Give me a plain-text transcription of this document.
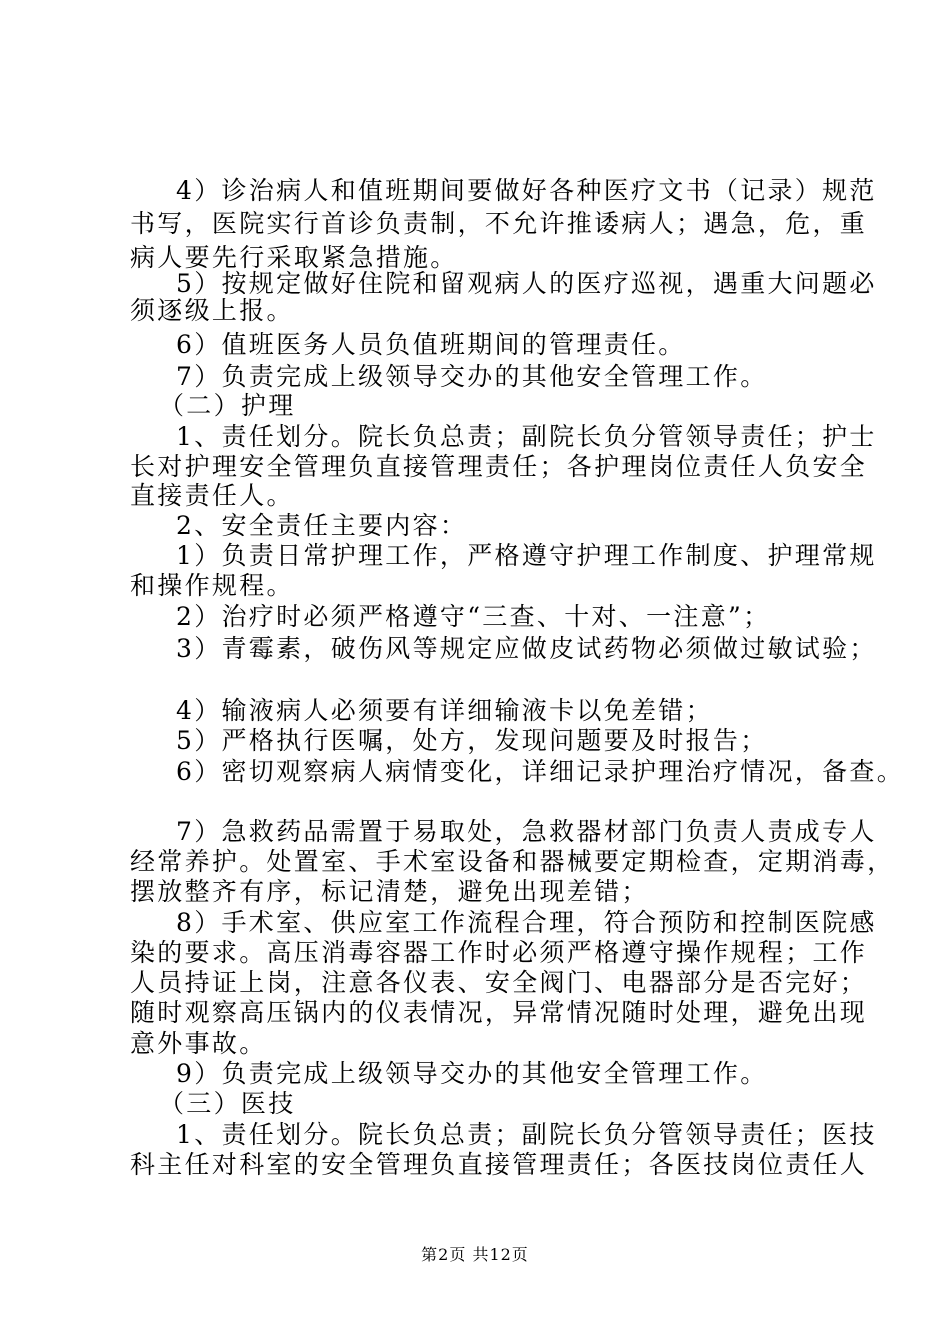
4）诊治病人和值班期间要做好各种医疗文书（记录）规范
书写，医院实行首诊负责制，不允许推诿病人；遇急，危，重
病人要先行采取紧急措施。
5）按规定做好住院和留观病人的医疗巡视，遇重大问题必
须逐级上报。
6）值班医务人员负值班期间的管理责任。
7）负责完成上级领导交办的其他安全管理工作。
（二）护理
1、责任划分。院长负总责；副院长负分管领导责任；护士
长对护理安全管理负直接管理责任；各护理岗位责任人负安全
直接责任人。
2、安全责任主要内容：
1）负责日常护理工作，严格遵守护理工作制度、护理常规
和操作规程。
2）治疗时必须严格遵守“三查、十对、一注意”；
3）青霉素，破伤风等规定应做皮试药物必须做过敏试验；
4）输液病人必须要有详细输液卡以免差错；
5）严格执行医嘱，处方，发现问题要及时报告；
6）密切观察病人病情变化，详细记录护理治疗情况，备查。
7）急救药品需置于易取处，急救器材部门负责人责成专人
经常养护。处置室、手术室设备和器械要定期检查，定期消毒，
摆放整齐有序，标记清楚，避免出现差错；
8）手术室、供应室工作流程合理，符合预防和控制医院感
染的要求。高压消毒容器工作时必须严格遵守操作规程；工作
人员持证上岗，注意各仪表、安全阀门、电器部分是否完好；
随时观察高压锅内的仪表情况，异常情况随时处理，避免出现
意外事故。
9）负责完成上级领导交办的其他安全管理工作。
（三）医技
1、责任划分。院长负总责；副院长负分管领导责任；医技
科主任对科室的安全管理负直接管理责任；各医技岗位责任人
第2页 共12页
